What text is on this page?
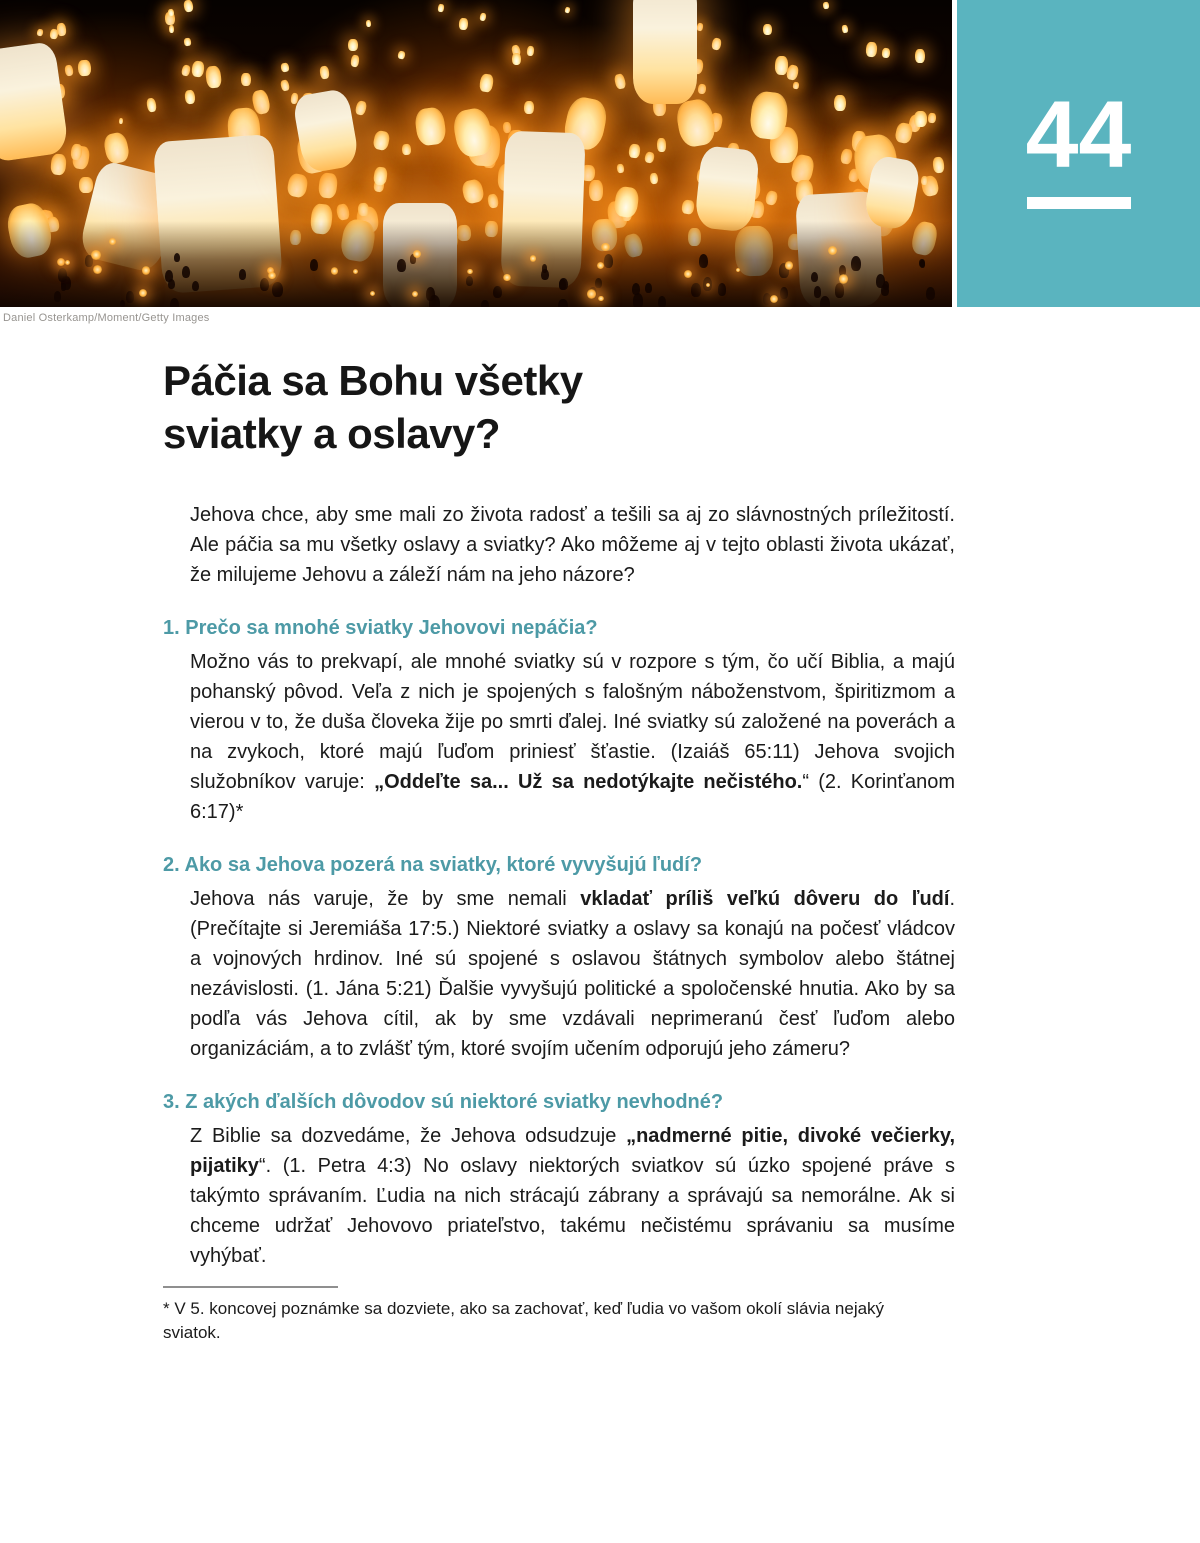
44
Daniel Osterkamp/Moment/Getty Images
Páčia sa Bohu všetky
sviatky a oslavy?

Jehova chce, aby sme mali zo života radosť a tešili sa aj zo slávnostných príležitostí. Ale páčia sa mu všetky oslavy a sviatky? Ako môžeme aj v tejto oblasti života ukázať, že milujeme Jehovu a záleží nám na jeho názore?

1. Prečo sa mnohé sviatky Jehovovi nepáčia?

Možno vás to prekvapí, ale mnohé sviatky sú v rozpore s tým, čo učí Biblia, a majú pohanský pôvod. Veľa z nich je spojených s falošným náboženstvom, špiritizmom a vierou v to, že duša človeka žije po smrti ďalej. Iné sviatky sú založené na poverách a na zvykoch, ktoré majú ľuďom priniesť šťastie. (Izaiáš 65:11) Jehova svojich služobníkov varuje: „Oddeľte sa... Už sa nedotýkajte nečistého.“ (2. Korinťanom 6:17)*

2. Ako sa Jehova pozerá na sviatky, ktoré vyvyšujú ľudí?

Jehova nás varuje, že by sme nemali vkladať príliš veľkú dôveru do ľudí. (Prečítajte si Jeremiáša 17:5.) Niektoré sviatky a oslavy sa konajú na počesť vládcov a vojnových hrdinov. Iné sú spojené s oslavou štátnych symbolov alebo štátnej nezávislosti. (1. Jána 5:21) Ďalšie vyvyšujú politické a spoločenské hnutia. Ako by sa podľa vás Jehova cítil, ak by sme vzdávali neprimeranú česť ľuďom alebo organizáciám, a to zvlášť tým, ktoré svojím učením odporujú jeho zámeru?

3. Z akých ďalších dôvodov sú niektoré sviatky nevhodné?

Z Biblie sa dozvedáme, že Jehova odsudzuje „nadmerné pitie, divoké večierky, pijatiky“. (1. Petra 4:3) No oslavy niektorých sviatkov sú úzko spojené práve s takýmto správaním. Ľudia na nich strácajú zábrany a správajú sa nemorálne. Ak si chceme udržať Jehovovo priateľstvo, takému nečistému správaniu sa musíme vyhýbať.

* V 5. koncovej poznámke sa dozviete, ako sa zachovať, keď ľudia vo vašom okolí slávia nejaký sviatok.
